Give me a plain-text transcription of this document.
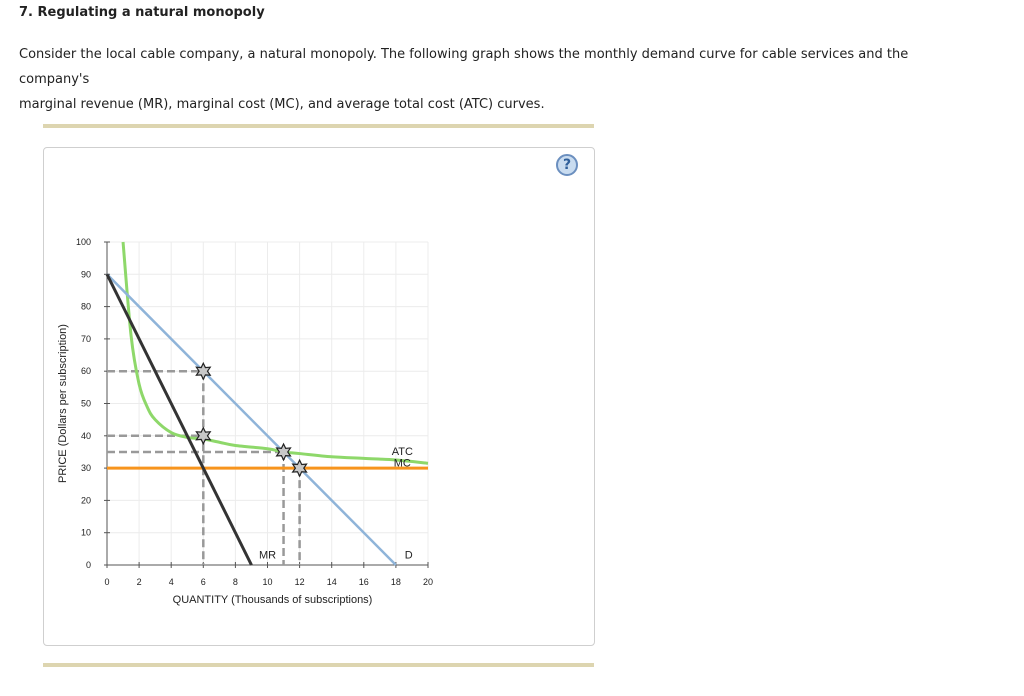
7. Regulating a natural monopoly
Consider the local cable company, a natural monopoly. The following graph shows the monthly demand curve for cable services and the company's
marginal revenue (MR), marginal cost (MC), and average total cost (ATC) curves.
?
0	2	4	6	8	10 12 14 16 18 20
0
10
20
30
40
50
60
70
80
90
100
QUANTITY (Thousands of subscriptions)
PRICE (Dollars per subscription)
MR	D
ATC
MC
